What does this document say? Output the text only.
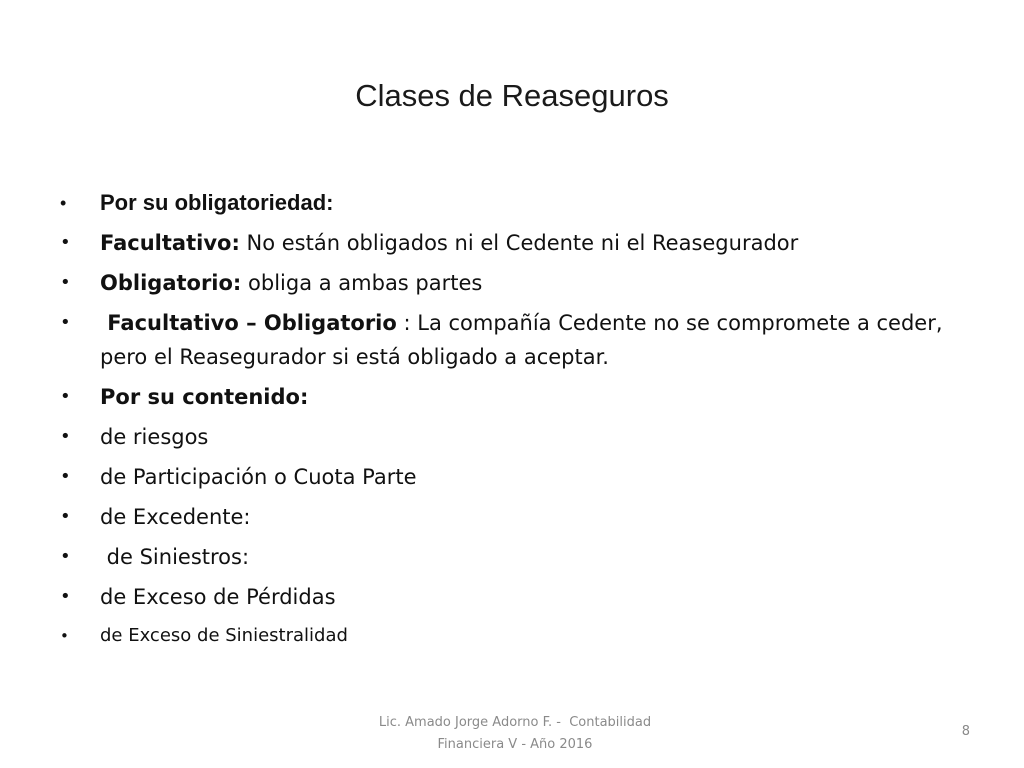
Clases de Reaseguros
•	Por su obligatoriedad:
•	Facultativo: No están obligados ni el Cedente ni el Reasegurador
•	Obligatorio: obliga a ambas partes
•	Facultativo – Obligatorio : La compañía Cedente no se compromete a ceder, pero el Reasegurador si está obligado a aceptar.
•	Por su contenido:
•	de riesgos
•	de Participación o Cuota Parte
•	de Excedente:
•	de Siniestros:
•	de Exceso de Pérdidas
•	de Exceso de Siniestralidad
Lic. Amado Jorge Adorno F. -  Contabilidad
Financiera V - Año 2016
8
